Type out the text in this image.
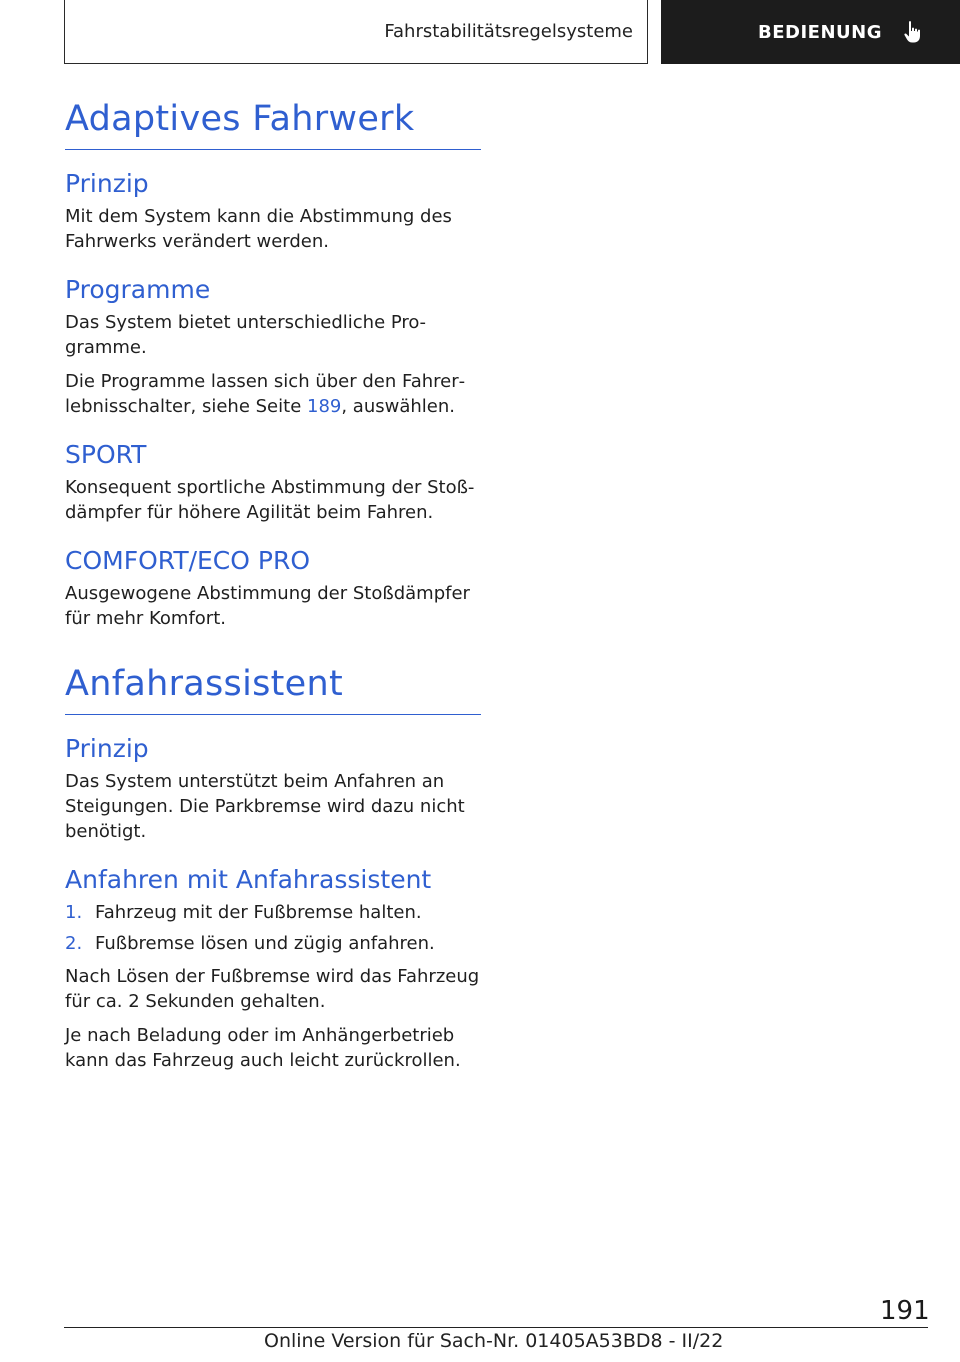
Fahrstabilitätsregelsysteme	BEDIENUNG
Adaptives Fahrwerk
Prinzip

Mit dem System kann die Abstimmung des Fahrwerks verändert werden.

Programme

Das System bietet unterschiedliche Programme.

Die Programme lassen sich über den Fahrerlebnisschalter, siehe Seite 189, auswählen.

SPORT

Konsequent sportliche Abstimmung der Stoßdämpfer für höhere Agilität beim Fahren.

COMFORT/ECO PRO

Ausgewogene Abstimmung der Stoßdämpfer für mehr Komfort.

Anfahrassistent
Prinzip

Das System unterstützt beim Anfahren an Steigungen. Die Parkbremse wird dazu nicht benötigt.

Anfahren mit Anfahrassistent
1. Fahrzeug mit der Fußbremse halten.
2. Fußbremse lösen und zügig anfahren.

Nach Lösen der Fußbremse wird das Fahrzeug für ca. 2 Sekunden gehalten.

Je nach Beladung oder im Anhängerbetrieb kann das Fahrzeug auch leicht zurückrollen.

191
Online Version für Sach-Nr. 01405A53BD8 - II/22
